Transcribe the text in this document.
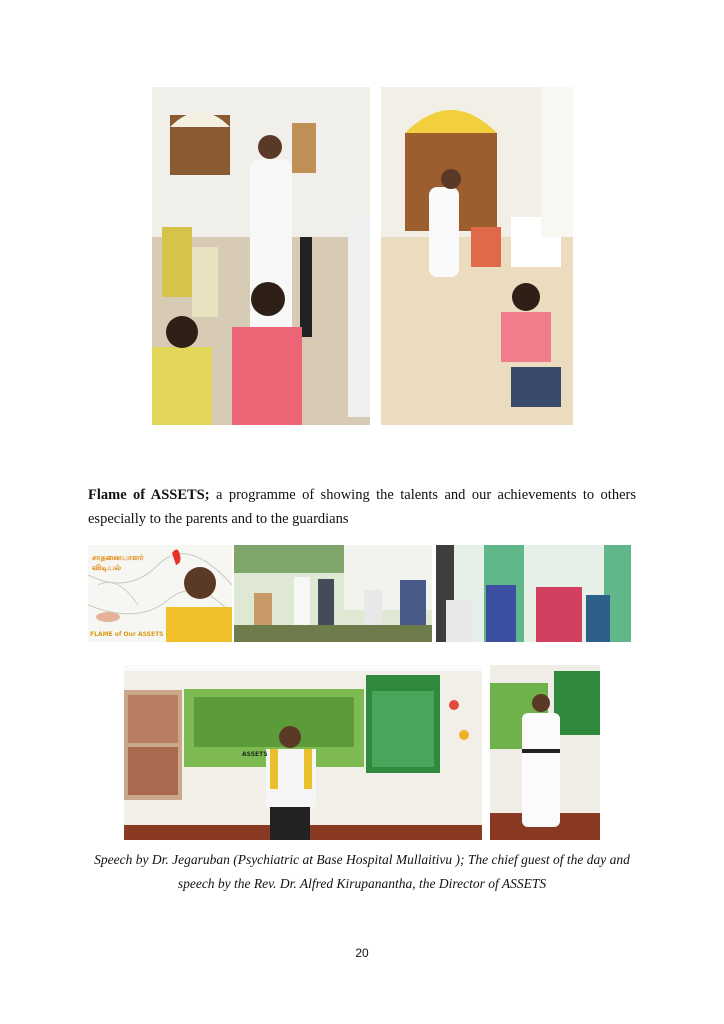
Flame of ASSETS; a programme of showing the talents and our achievements to others especially to the parents and to the guardians

சாதனையாளர் விடியல்
FLAME of Our ASSETS
ASSETS

Speech by Dr. Jegaruban (Psychiatric at Base Hospital Mullaitivu ); The chief guest of the day and speech by the Rev. Dr. Alfred Kirupanantha, the Director of ASSETS

20
